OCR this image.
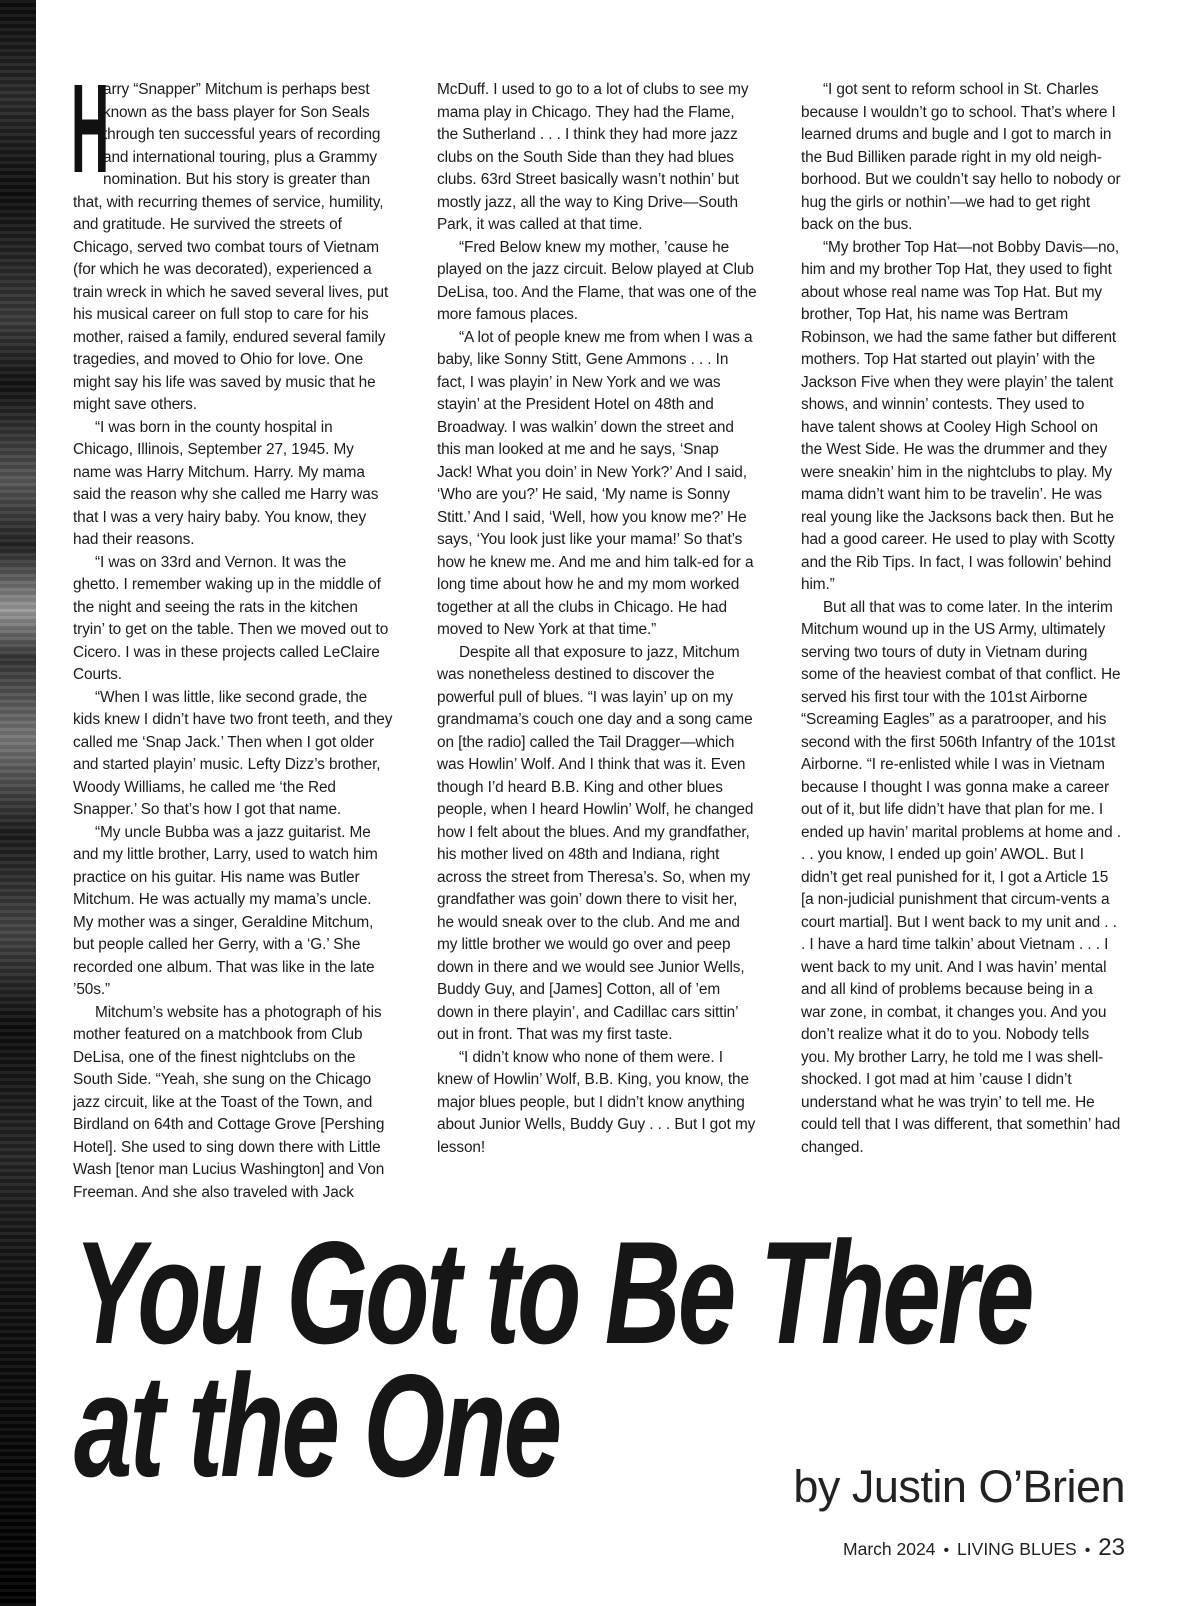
H

arry “Snapper” Mitchum is perhaps best known as the bass player for Son Seals through ten successful years of recording and international touring, plus a Grammy nomination. But his story is greater than that, with recurring themes of service, humility, and gratitude. He survived the streets of Chicago, served two combat tours of Vietnam (for which he was decorated), experienced a train wreck in which he saved several lives, put his musical career on full stop to care for his mother, raised a family, endured several family tragedies, and moved to Ohio for love. One might say his life was saved by music that he might save others.

“I was born in the county hospital in Chicago, Illinois, September 27, 1945. My name was Harry Mitchum. Harry. My mama said the reason why she called me Harry was that I was a very hairy baby. You know, they had their reasons.

“I was on 33rd and Vernon. It was the ghetto. I remember waking up in the middle of the night and seeing the rats in the kitchen tryin’ to get on the table. Then we moved out to Cicero. I was in these projects called LeClaire Courts.

“When I was little, like second grade, the kids knew I didn’t have two front teeth, and they called me ‘Snap Jack.’ Then when I got older and started playin’ music. Lefty Dizz’s brother, Woody Williams, he called me ‘the Red Snapper.’ So that’s how I got that name.

“My uncle Bubba was a jazz guitarist. Me and my little brother, Larry, used to watch him practice on his guitar. His name was Butler Mitchum. He was actually my mama’s uncle. My mother was a singer, Geraldine Mitchum, but people called her Gerry, with a ‘G.’ She recorded one album. That was like in the late ’50s.”

Mitchum’s website has a photograph of his mother featured on a matchbook from Club DeLisa, one of the finest nightclubs on the South Side. “Yeah, she sung on the Chicago jazz circuit, like at the Toast of the Town, and Birdland on 64th and Cottage Grove [Pershing Hotel]. She used to sing down there with Little Wash [tenor man Lucius Washington] and Von Freeman. And she also traveled with Jack

McDuff. I used to go to a lot of clubs to see my mama play in Chicago. They had the Flame, the Sutherland . . . I think they had more jazz clubs on the South Side than they had blues clubs. 63rd Street basically wasn’t nothin’ but mostly jazz, all the way to King Drive—South Park, it was called at that time.

“Fred Below knew my mother, ’cause he played on the jazz circuit. Below played at Club DeLisa, too. And the Flame, that was one of the more famous places.

“A lot of people knew me from when I was a baby, like Sonny Stitt, Gene Ammons . . . In fact, I was playin’ in New York and we was stayin’ at the President Hotel on 48th and Broadway. I was walkin’ down the street and this man looked at me and he says, ‘Snap Jack! What you doin’ in New York?’ And I said, ‘Who are you?’ He said, ‘My name is Sonny Stitt.’ And I said, ‘Well, how you know me?’ He says, ‘You look just like your mama!’ So that’s how he knew me. And me and him talk-ed for a long time about how he and my mom worked together at all the clubs in Chicago. He had moved to New York at that time.”

Despite all that exposure to jazz, Mitchum was nonetheless destined to discover the powerful pull of blues. “I was layin’ up on my grandmama’s couch one day and a song came on [the radio] called the Tail Dragger—which was Howlin’ Wolf. And I think that was it. Even though I’d heard B.B. King and other blues people, when I heard Howlin’ Wolf, he changed how I felt about the blues. And my grandfather, his mother lived on 48th and Indiana, right across the street from Theresa’s. So, when my grandfather was goin’ down there to visit her, he would sneak over to the club. And me and my little brother we would go over and peep down in there and we would see Junior Wells, Buddy Guy, and [James] Cotton, all of ’em down in there playin’, and Cadillac cars sittin’ out in front. That was my first taste.

“I didn’t know who none of them were. I knew of Howlin’ Wolf, B.B. King, you know, the major blues people, but I didn’t know anything about Junior Wells, Buddy Guy . . . But I got my lesson!

“I got sent to reform school in St. Charles because I wouldn’t go to school. That’s where I learned drums and bugle and I got to march in the Bud Billiken parade right in my old neigh-borhood. But we couldn’t say hello to nobody or hug the girls or nothin’—we had to get right back on the bus.

“My brother Top Hat—not Bobby Davis—no, him and my brother Top Hat, they used to fight about whose real name was Top Hat. But my brother, Top Hat, his name was Bertram Robinson, we had the same father but different mothers. Top Hat started out playin’ with the Jackson Five when they were playin’ the talent shows, and winnin’ contests. They used to have talent shows at Cooley High School on the West Side. He was the drummer and they were sneakin’ him in the nightclubs to play. My mama didn’t want him to be travelin’. He was real young like the Jacksons back then. But he had a good career. He used to play with Scotty and the Rib Tips. In fact, I was followin’ behind him.”

But all that was to come later. In the interim Mitchum wound up in the US Army, ultimately serving two tours of duty in Vietnam during some of the heaviest combat of that conflict. He served his first tour with the 101st Airborne “Screaming Eagles” as a paratrooper, and his second with the first 506th Infantry of the 101st Airborne. “I re-enlisted while I was in Vietnam because I thought I was gonna make a career out of it, but life didn’t have that plan for me. I ended up havin’ marital problems at home and . . . you know, I ended up goin’ AWOL. But I didn’t get real punished for it, I got a Article 15 [a non-judicial punishment that circum-vents a court martial]. But I went back to my unit and . . . I have a hard time talkin’ about Vietnam . . . I went back to my unit. And I was havin’ mental and all kind of problems because being in a war zone, in combat, it changes you. And you don’t realize what it do to you. Nobody tells you. My brother Larry, he told me I was shell-shocked. I got mad at him ’cause I didn’t understand what he was tryin’ to tell me. He could tell that I was different, that somethin’ had changed.

You Got to Be There
at the One	by Justin O’Brien
March 2024 • LIVING BLUES • 23
